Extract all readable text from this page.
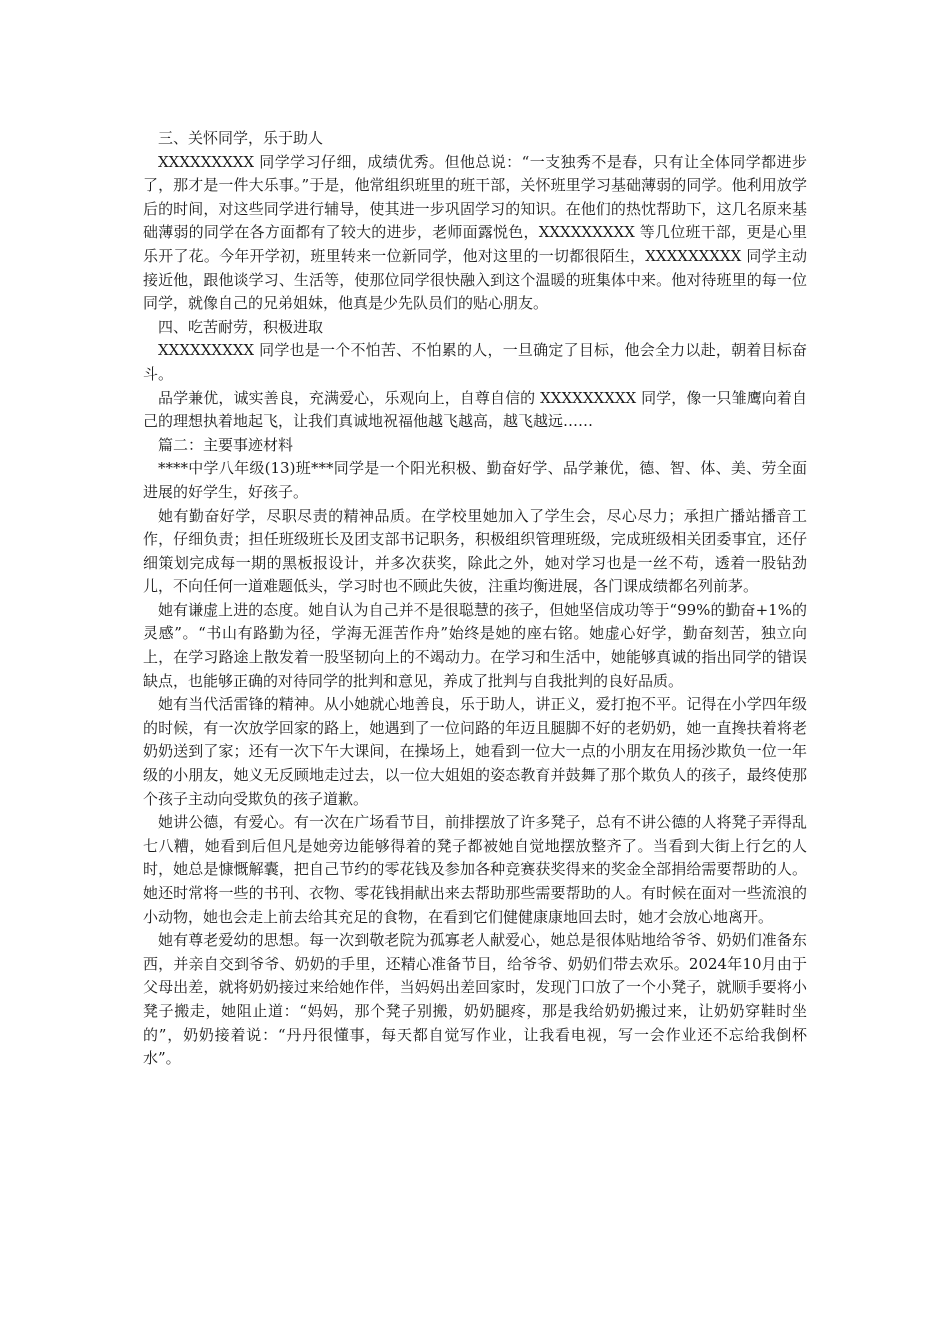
三、关怀同学，乐于助人

XXXXXXXXX 同学学习仔细，成绩优秀。但他总说：“一支独秀不是春，只有让全体同学都进步了，那才是一件大乐事。”于是，他常组织班里的班干部，关怀班里学习基础薄弱的同学。他利用放学后的时间，对这些同学进行辅导，使其进一步巩固学习的知识。在他们的热忱帮助下，这几名原来基础薄弱的同学在各方面都有了较大的进步，老师面露悦色，XXXXXXXXX 等几位班干部，更是心里乐开了花。今年开学初，班里转来一位新同学，他对这里的一切都很陌生，XXXXXXXXX 同学主动接近他，跟他谈学习、生活等，使那位同学很快融入到这个温暖的班集体中来。他对待班里的每一位同学，就像自己的兄弟姐妹，他真是少先队员们的贴心朋友。

四、吃苦耐劳，积极进取

XXXXXXXXX 同学也是一个不怕苦、不怕累的人，一旦确定了目标，他会全力以赴，朝着目标奋斗。

品学兼优，诚实善良，充满爱心，乐观向上，自尊自信的 XXXXXXXXX 同学，像一只雏鹰向着自己的理想执着地起飞，让我们真诚地祝福他越飞越高，越飞越远……

篇二：主要事迹材料

****中学八年级(13)班***同学是一个阳光积极、勤奋好学、品学兼优，德、智、体、美、劳全面进展的好学生，好孩子。

她有勤奋好学，尽职尽责的精神品质。在学校里她加入了学生会，尽心尽力；承担广播站播音工作，仔细负责；担任班级班长及团支部书记职务，积极组织管理班级，完成班级相关团委事宜，还仔细策划完成每一期的黑板报设计，并多次获奖，除此之外，她对学习也是一丝不苟，透着一股钻劲儿，不向任何一道难题低头，学习时也不顾此失彼，注重均衡进展，各门课成绩都名列前茅。

她有谦虚上进的态度。她自认为自己并不是很聪慧的孩子，但她坚信成功等于“99%的勤奋+1%的灵感”。“书山有路勤为径，学海无涯苦作舟”始终是她的座右铭。她虚心好学，勤奋刻苦，独立向上，在学习路途上散发着一股坚韧向上的不竭动力。在学习和生活中，她能够真诚的指出同学的错误缺点，也能够正确的对待同学的批判和意见，养成了批判与自我批判的良好品质。

她有当代活雷锋的精神。从小她就心地善良，乐于助人，讲正义，爱打抱不平。记得在小学四年级的时候，有一次放学回家的路上，她遇到了一位问路的年迈且腿脚不好的老奶奶，她一直搀扶着将老奶奶送到了家；还有一次下午大课间，在操场上，她看到一位大一点的小朋友在用扬沙欺负一位一年级的小朋友，她义无反顾地走过去，以一位大姐姐的姿态教育并鼓舞了那个欺负人的孩子，最终使那个孩子主动向受欺负的孩子道歉。

她讲公德，有爱心。有一次在广场看节目，前排摆放了许多凳子，总有不讲公德的人将凳子弄得乱七八糟，她看到后但凡是她旁边能够得着的凳子都被她自觉地摆放整齐了。当看到大街上行乞的人时，她总是慷慨解囊，把自己节约的零花钱及参加各种竞赛获奖得来的奖金全部捐给需要帮助的人。她还时常将一些的书刊、衣物、零花钱捐献出来去帮助那些需要帮助的人。有时候在面对一些流浪的小动物，她也会走上前去给其充足的食物，在看到它们健健康康地回去时，她才会放心地离开。

她有尊老爱幼的思想。每一次到敬老院为孤寡老人献爱心，她总是很体贴地给爷爷、奶奶们准备东西，并亲自交到爷爷、奶奶的手里，还精心准备节目，给爷爷、奶奶们带去欢乐。2024年10月由于父母出差，就将奶奶接过来给她作伴，当妈妈出差回家时，发现门口放了一个小凳子，就顺手要将小凳子搬走，她阻止道：“妈妈，那个凳子别搬，奶奶腿疼，那是我给奶奶搬过来，让奶奶穿鞋时坐的”，奶奶接着说：“丹丹很懂事，每天都自觉写作业，让我看电视，写一会作业还不忘给我倒杯水”。
